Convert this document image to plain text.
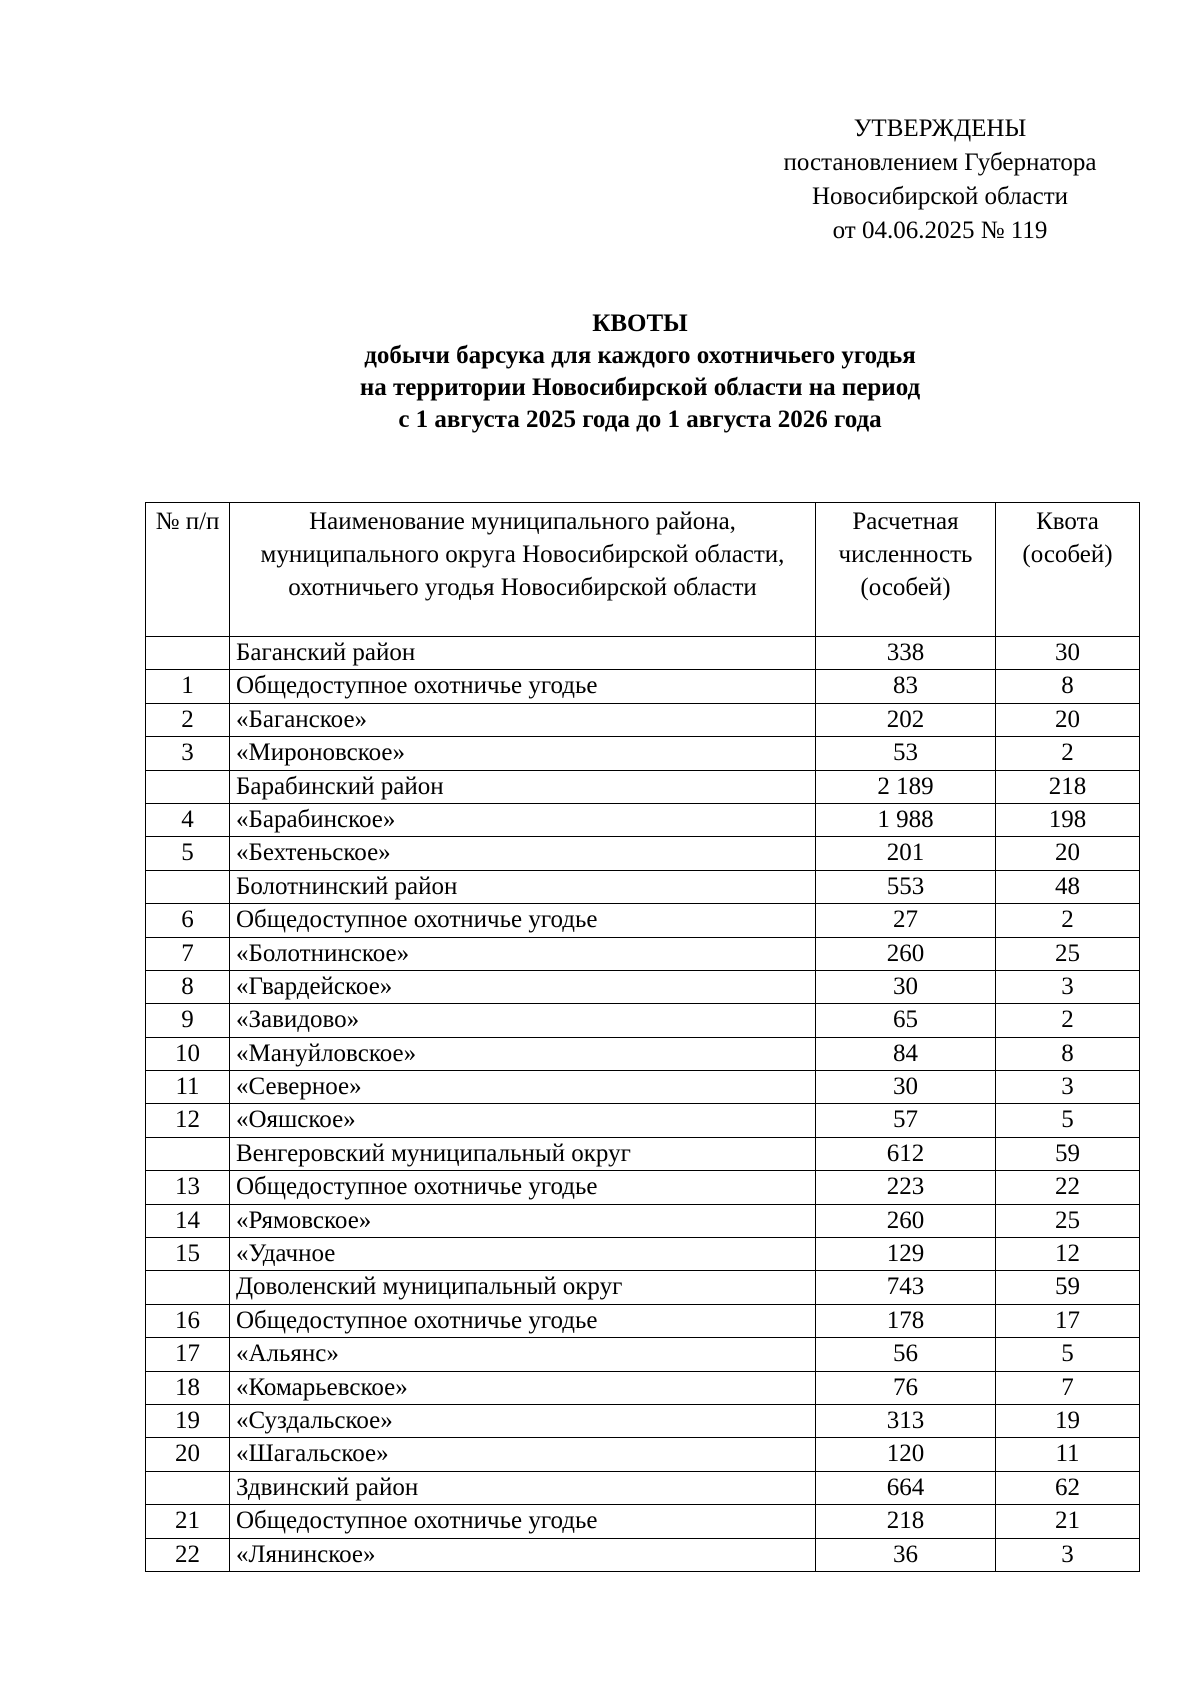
УТВЕРЖДЕНЫ
постановлением Губернатора
Новосибирской области
от 04.06.2025 № 119
КВОТЫ
добычи барсука для каждого охотничьего угодья
на территории Новосибирской области на период
с 1 августа 2025 года до 1 августа 2026 года
№ п/п	Наименование муниципального района, муниципального округа Новосибирской области, охотничьего угодья Новосибирской области	Расчетная численность (особей)	Квота (особей)
	Баганский район	338	30
1	Общедоступное охотничье угодье	83	8
2	«Баганское»	202	20
3	«Мироновское»	53	2
	Барабинский район	2 189	218
4	«Барабинское»	1 988	198
5	«Бехтеньское»	201	20
	Болотнинский район	553	48
6	Общедоступное охотничье угодье	27	2
7	«Болотнинское»	260	25
8	«Гвардейское»	30	3
9	«Завидово»	65	2
10	«Мануйловское»	84	8
11	«Северное»	30	3
12	«Ояшское»	57	5
	Венгеровский муниципальный округ	612	59
13	Общедоступное охотничье угодье	223	22
14	«Рямовское»	260	25
15	«Удачное	129	12
	Доволенский муниципальный округ	743	59
16	Общедоступное охотничье угодье	178	17
17	«Альянс»	56	5
18	«Комарьевское»	76	7
19	«Суздальское»	313	19
20	«Шагальское»	120	11
	Здвинский район	664	62
21	Общедоступное охотничье угодье	218	21
22	«Лянинское»	36	3
